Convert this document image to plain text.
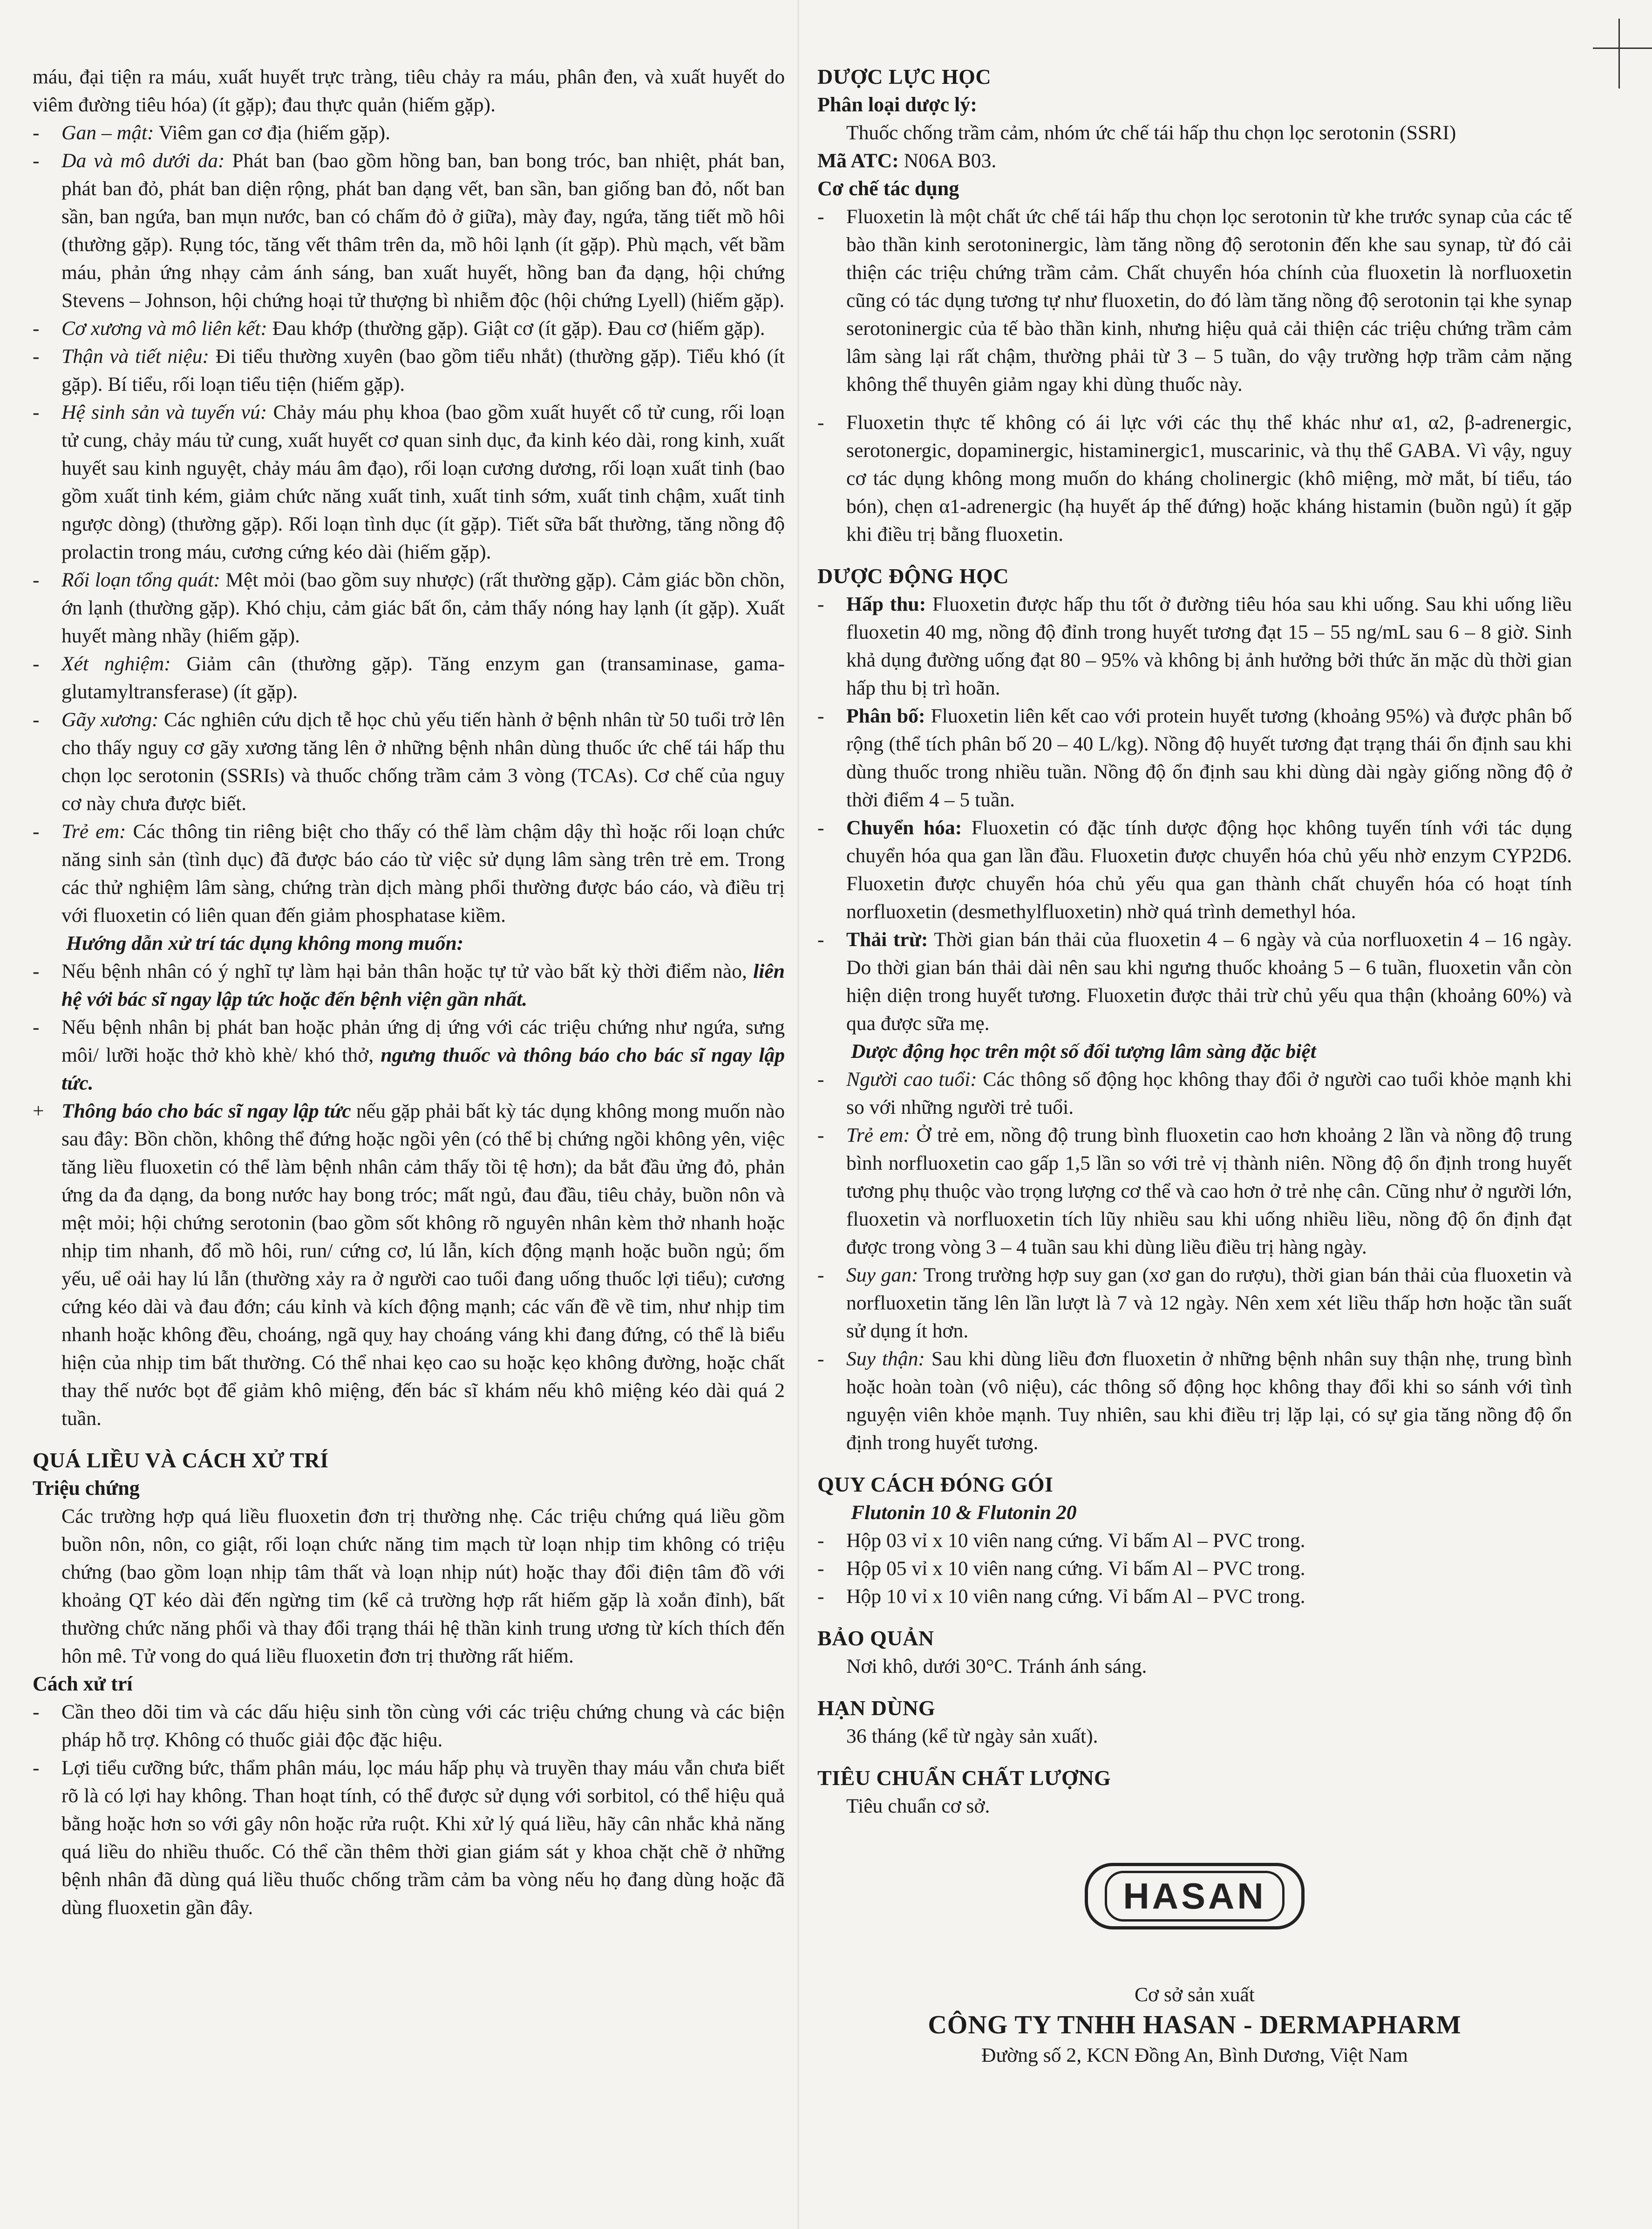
máu, đại tiện ra máu, xuất huyết trực tràng, tiêu chảy ra máu, phân đen, và xuất huyết do viêm đường tiêu hóa) (ít gặp); đau thực quản (hiếm gặp).

- Gan – mật: Viêm gan cơ địa (hiếm gặp).
- Da và mô dưới da: Phát ban (bao gồm hồng ban, ban bong tróc, ban nhiệt, phát ban, phát ban đỏ, phát ban diện rộng, phát ban dạng vết, ban sần, ban giống ban đỏ, nốt ban sần, ban ngứa, ban mụn nước, ban có chấm đỏ ở giữa), mày đay, ngứa, tăng tiết mồ hôi (thường gặp). Rụng tóc, tăng vết thâm trên da, mồ hôi lạnh (ít gặp). Phù mạch, vết bầm máu, phản ứng nhạy cảm ánh sáng, ban xuất huyết, hồng ban đa dạng, hội chứng Stevens – Johnson, hội chứng hoại tử thượng bì nhiễm độc (hội chứng Lyell) (hiếm gặp).
- Cơ xương và mô liên kết: Đau khớp (thường gặp). Giật cơ (ít gặp). Đau cơ (hiếm gặp).
- Thận và tiết niệu: Đi tiểu thường xuyên (bao gồm tiểu nhắt) (thường gặp). Tiểu khó (ít gặp). Bí tiểu, rối loạn tiểu tiện (hiếm gặp).
- Hệ sinh sản và tuyến vú: Chảy máu phụ khoa (bao gồm xuất huyết cổ tử cung, rối loạn tử cung, chảy máu tử cung, xuất huyết cơ quan sinh dục, đa kinh kéo dài, rong kinh, xuất huyết sau kinh nguyệt, chảy máu âm đạo), rối loạn cương dương, rối loạn xuất tinh (bao gồm xuất tinh kém, giảm chức năng xuất tinh, xuất tinh sớm, xuất tinh chậm, xuất tinh ngược dòng) (thường gặp). Rối loạn tình dục (ít gặp). Tiết sữa bất thường, tăng nồng độ prolactin trong máu, cương cứng kéo dài (hiếm gặp).
- Rối loạn tổng quát: Mệt mỏi (bao gồm suy nhược) (rất thường gặp). Cảm giác bồn chồn, ớn lạnh (thường gặp). Khó chịu, cảm giác bất ổn, cảm thấy nóng hay lạnh (ít gặp). Xuất huyết màng nhầy (hiếm gặp).
- Xét nghiệm: Giảm cân (thường gặp). Tăng enzym gan (transaminase, gama-glutamyltransferase) (ít gặp).
- Gãy xương: Các nghiên cứu dịch tễ học chủ yếu tiến hành ở bệnh nhân từ 50 tuổi trở lên cho thấy nguy cơ gãy xương tăng lên ở những bệnh nhân dùng thuốc ức chế tái hấp thu chọn lọc serotonin (SSRIs) và thuốc chống trầm cảm 3 vòng (TCAs). Cơ chế của nguy cơ này chưa được biết.
- Trẻ em: Các thông tin riêng biệt cho thấy có thể làm chậm dậy thì hoặc rối loạn chức năng sinh sản (tình dục) đã được báo cáo từ việc sử dụng lâm sàng trên trẻ em. Trong các thử nghiệm lâm sàng, chứng tràn dịch màng phổi thường được báo cáo, và điều trị với fluoxetin có liên quan đến giảm phosphatase kiềm.
Hướng dẫn xử trí tác dụng không mong muốn:
- Nếu bệnh nhân có ý nghĩ tự làm hại bản thân hoặc tự tử vào bất kỳ thời điểm nào, liên hệ với bác sĩ ngay lập tức hoặc đến bệnh viện gần nhất.
- Nếu bệnh nhân bị phát ban hoặc phản ứng dị ứng với các triệu chứng như ngứa, sưng môi/ lưỡi hoặc thở khò khè/ khó thở, ngưng thuốc và thông báo cho bác sĩ ngay lập tức.
+ Thông báo cho bác sĩ ngay lập tức nếu gặp phải bất kỳ tác dụng không mong muốn nào sau đây: Bồn chồn, không thể đứng hoặc ngồi yên (có thể bị chứng ngồi không yên, việc tăng liều fluoxetin có thể làm bệnh nhân cảm thấy tồi tệ hơn); da bắt đầu ửng đỏ, phản ứng da đa dạng, da bong nước hay bong tróc; mất ngủ, đau đầu, tiêu chảy, buồn nôn và mệt mỏi; hội chứng serotonin (bao gồm sốt không rõ nguyên nhân kèm thở nhanh hoặc nhịp tim nhanh, đổ mồ hôi, run/ cứng cơ, lú lẫn, kích động mạnh hoặc buồn ngủ; ốm yếu, uể oải hay lú lẫn (thường xảy ra ở người cao tuổi đang uống thuốc lợi tiểu); cương cứng kéo dài và đau đớn; cáu kỉnh và kích động mạnh; các vấn đề về tim, như nhịp tim nhanh hoặc không đều, choáng, ngã quỵ hay choáng váng khi đang đứng, có thể là biểu hiện của nhịp tim bất thường. Có thể nhai kẹo cao su hoặc kẹo không đường, hoặc chất thay thế nước bọt để giảm khô miệng, đến bác sĩ khám nếu khô miệng kéo dài quá 2 tuần.
QUÁ LIỀU VÀ CÁCH XỬ TRÍ
Triệu chứng

Các trường hợp quá liều fluoxetin đơn trị thường nhẹ. Các triệu chứng quá liều gồm buồn nôn, nôn, co giật, rối loạn chức năng tim mạch từ loạn nhịp tim không có triệu chứng (bao gồm loạn nhịp tâm thất và loạn nhịp nút) hoặc thay đổi điện tâm đồ với khoảng QT kéo dài đến ngừng tim (kể cả trường hợp rất hiếm gặp là xoắn đỉnh), bất thường chức năng phổi và thay đổi trạng thái hệ thần kinh trung ương từ kích thích đến hôn mê. Tử vong do quá liều fluoxetin đơn trị thường rất hiếm.

Cách xử trí
- Cần theo dõi tim và các dấu hiệu sinh tồn cùng với các triệu chứng chung và các biện pháp hỗ trợ. Không có thuốc giải độc đặc hiệu.
- Lợi tiểu cưỡng bức, thẩm phân máu, lọc máu hấp phụ và truyền thay máu vẫn chưa biết rõ là có lợi hay không. Than hoạt tính, có thể được sử dụng với sorbitol, có thể hiệu quả bằng hoặc hơn so với gây nôn hoặc rửa ruột. Khi xử lý quá liều, hãy cân nhắc khả năng quá liều do nhiều thuốc. Có thể cần thêm thời gian giám sát y khoa chặt chẽ ở những bệnh nhân đã dùng quá liều thuốc chống trầm cảm ba vòng nếu họ đang dùng hoặc đã dùng fluoxetin gần đây.
DƯỢC LỰC HỌC
Phân loại dược lý:

Thuốc chống trầm cảm, nhóm ức chế tái hấp thu chọn lọc serotonin (SSRI)

Mã ATC: N06A B03.
Cơ chế tác dụng
- Fluoxetin là một chất ức chế tái hấp thu chọn lọc serotonin từ khe trước synap của các tế bào thần kinh serotoninergic, làm tăng nồng độ serotonin đến khe sau synap, từ đó cải thiện các triệu chứng trầm cảm. Chất chuyển hóa chính của fluoxetin là norfluoxetin cũng có tác dụng tương tự như fluoxetin, do đó làm tăng nồng độ serotonin tại khe synap serotoninergic của tế bào thần kinh, nhưng hiệu quả cải thiện các triệu chứng trầm cảm lâm sàng lại rất chậm, thường phải từ 3 – 5 tuần, do vậy trường hợp trầm cảm nặng không thể thuyên giảm ngay khi dùng thuốc này.
- Fluoxetin thực tế không có ái lực với các thụ thể khác như α1, α2, β-adrenergic, serotonergic, dopaminergic, histaminergic1, muscarinic, và thụ thể GABA. Vì vậy, nguy cơ tác dụng không mong muốn do kháng cholinergic (khô miệng, mờ mắt, bí tiểu, táo bón), chẹn α1-adrenergic (hạ huyết áp thế đứng) hoặc kháng histamin (buồn ngủ) ít gặp khi điều trị bằng fluoxetin.
DƯỢC ĐỘNG HỌC
- Hấp thu: Fluoxetin được hấp thu tốt ở đường tiêu hóa sau khi uống. Sau khi uống liều fluoxetin 40 mg, nồng độ đỉnh trong huyết tương đạt 15 – 55 ng/mL sau 6 – 8 giờ. Sinh khả dụng đường uống đạt 80 – 95% và không bị ảnh hưởng bởi thức ăn mặc dù thời gian hấp thu bị trì hoãn.
- Phân bố: Fluoxetin liên kết cao với protein huyết tương (khoảng 95%) và được phân bố rộng (thể tích phân bố 20 – 40 L/kg). Nồng độ huyết tương đạt trạng thái ổn định sau khi dùng thuốc trong nhiều tuần. Nồng độ ổn định sau khi dùng dài ngày giống nồng độ ở thời điểm 4 – 5 tuần.
- Chuyển hóa: Fluoxetin có đặc tính dược động học không tuyến tính với tác dụng chuyển hóa qua gan lần đầu. Fluoxetin được chuyển hóa chủ yếu nhờ enzym CYP2D6. Fluoxetin được chuyển hóa chủ yếu qua gan thành chất chuyển hóa có hoạt tính norfluoxetin (desmethylfluoxetin) nhờ quá trình demethyl hóa.
- Thải trừ: Thời gian bán thải của fluoxetin 4 – 6 ngày và của norfluoxetin 4 – 16 ngày. Do thời gian bán thải dài nên sau khi ngưng thuốc khoảng 5 – 6 tuần, fluoxetin vẫn còn hiện diện trong huyết tương. Fluoxetin được thải trừ chủ yếu qua thận (khoảng 60%) và qua được sữa mẹ.
Dược động học trên một số đối tượng lâm sàng đặc biệt
- Người cao tuổi: Các thông số động học không thay đổi ở người cao tuổi khỏe mạnh khi so với những người trẻ tuổi.
- Trẻ em: Ở trẻ em, nồng độ trung bình fluoxetin cao hơn khoảng 2 lần và nồng độ trung bình norfluoxetin cao gấp 1,5 lần so với trẻ vị thành niên. Nồng độ ổn định trong huyết tương phụ thuộc vào trọng lượng cơ thể và cao hơn ở trẻ nhẹ cân. Cũng như ở người lớn, fluoxetin và norfluoxetin tích lũy nhiều sau khi uống nhiều liều, nồng độ ổn định đạt được trong vòng 3 – 4 tuần sau khi dùng liều điều trị hàng ngày.
- Suy gan: Trong trường hợp suy gan (xơ gan do rượu), thời gian bán thải của fluoxetin và norfluoxetin tăng lên lần lượt là 7 và 12 ngày. Nên xem xét liều thấp hơn hoặc tần suất sử dụng ít hơn.
- Suy thận: Sau khi dùng liều đơn fluoxetin ở những bệnh nhân suy thận nhẹ, trung bình hoặc hoàn toàn (vô niệu), các thông số động học không thay đổi khi so sánh với tình nguyện viên khỏe mạnh. Tuy nhiên, sau khi điều trị lặp lại, có sự gia tăng nồng độ ổn định trong huyết tương.
QUY CÁCH ĐÓNG GÓI
Flutonin 10 & Flutonin 20
- Hộp 03 vỉ x 10 viên nang cứng. Vỉ bấm Al – PVC trong.
- Hộp 05 vỉ x 10 viên nang cứng. Vỉ bấm Al – PVC trong.
- Hộp 10 vỉ x 10 viên nang cứng. Vỉ bấm Al – PVC trong.
BẢO QUẢN
Nơi khô, dưới 30°C. Tránh ánh sáng.
HẠN DÙNG
36 tháng (kể từ ngày sản xuất).
TIÊU CHUẨN CHẤT LƯỢNG
Tiêu chuẩn cơ sở.
HASAN
Cơ sở sản xuất
CÔNG TY TNHH HASAN - DERMAPHARM
Đường số 2, KCN Đồng An, Bình Dương, Việt Nam
